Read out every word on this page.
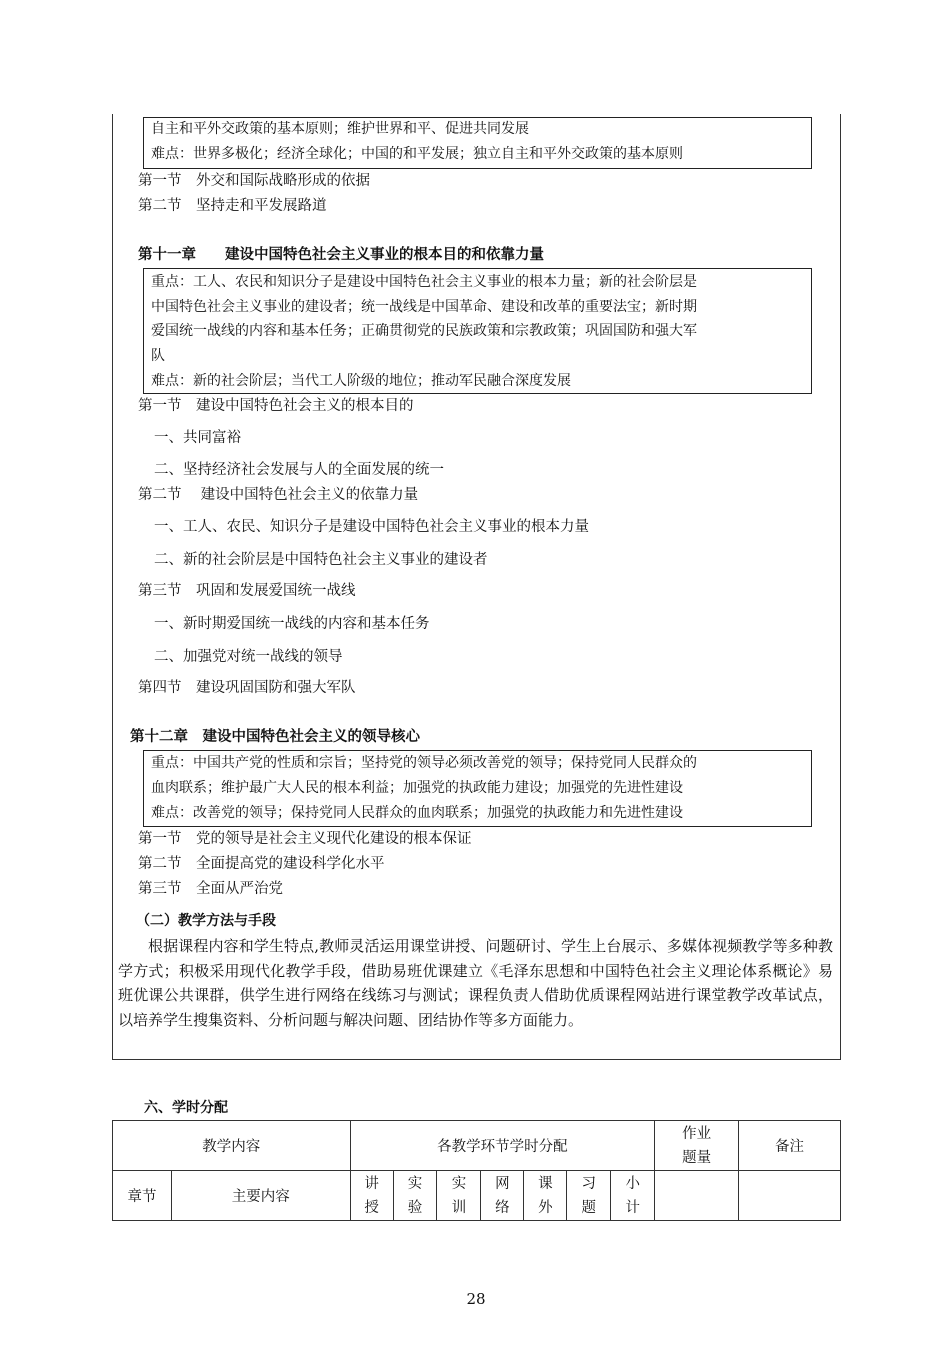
自主和平外交政策的基本原则；维护世界和平、促进共同发展
难点：世界多极化；经济全球化；中国的和平发展；独立自主和平外交政策的基本原则
第一节　外交和国际战略形成的依据
第二节　坚持走和平发展路道
第十一章　　建设中国特色社会主义事业的根本目的和依靠力量
重点：工人、农民和知识分子是建设中国特色社会主义事业的根本力量；新的社会阶层是
中国特色社会主义事业的建设者；统一战线是中国革命、建设和改革的重要法宝；新时期
爱国统一战线的内容和基本任务；正确贯彻党的民族政策和宗教政策；巩固国防和强大军
队
难点：新的社会阶层；当代工人阶级的地位；推动军民融合深度发展
第一节　建设中国特色社会主义的根本目的
一、共同富裕
二、坚持经济社会发展与人的全面发展的统一
第二节　 建设中国特色社会主义的依靠力量
一、工人、农民、知识分子是建设中国特色社会主义事业的根本力量
二、新的社会阶层是中国特色社会主义事业的建设者
第三节　巩固和发展爱国统一战线
一、新时期爱国统一战线的内容和基本任务
二、加强党对统一战线的领导
第四节　建设巩固国防和强大军队
第十二章　建设中国特色社会主义的领导核心
重点：中国共产党的性质和宗旨；坚持党的领导必须改善党的领导；保持党同人民群众的
血肉联系；维护最广大人民的根本利益；加强党的执政能力建设；加强党的先进性建设
难点：改善党的领导；保持党同人民群众的血肉联系；加强党的执政能力和先进性建设
第一节　党的领导是社会主义现代化建设的根本保证
第二节　全面提高党的建设科学化水平
第三节　全面从严治党
（二）教学方法与手段
根据课程内容和学生特点,教师灵活运用课堂讲授、问题研讨、学生上台展示、多媒体视频教学等多种教学方式；积极采用现代化教学手段，借助易班优课建立《毛泽东思想和中国特色社会主义理论体系概论》易班优课公共课群，供学生进行网络在线练习与测试；课程负责人借助优质课程网站进行课堂教学改革试点，以培养学生搜集资料、分析问题与解决问题、团结协作等多方面能力。
六、学时分配
教学内容		各教学环节学时分配							作业题量	备注
章节	主要内容	讲授	实验	实训	网络	课外	习题	小计		

28
